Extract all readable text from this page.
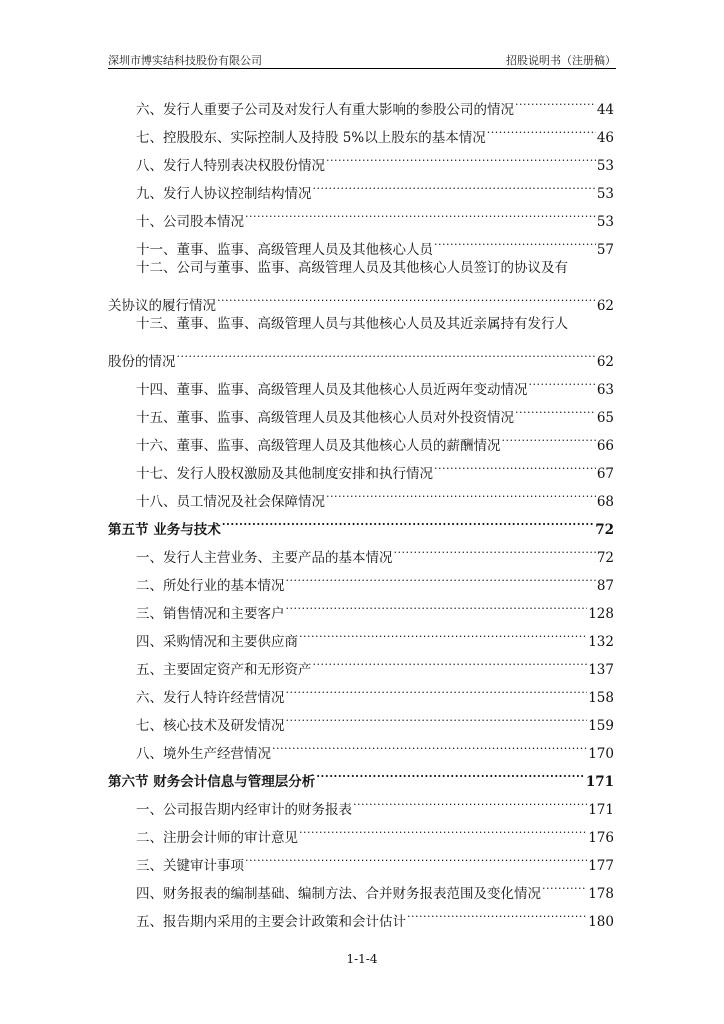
深圳市博实结科技股份有限公司	招股说明书（注册稿）
六、发行人重要子公司及对发行人有重大影响的参股公司的情况 .....	44
七、控股股东、实际控制人及持股 5%以上股东的基本情况 .....	46
八、发行人特别表决权股份情况 .....	53
九、发行人协议控制结构情况 .....	53
十、公司股本情况 .....	53
十一、董事、监事、高级管理人员及其他核心人员 .....	57
十二、公司与董事、监事、高级管理人员及其他核心人员签订的协议及有
关协议的履行情况 .....	62
十三、董事、监事、高级管理人员与其他核心人员及其近亲属持有发行人
股份的情况 .....	62
十四、董事、监事、高级管理人员及其他核心人员近两年变动情况 .....	63
十五、董事、监事、高级管理人员及其他核心人员对外投资情况 .....	65
十六、董事、监事、高级管理人员及其他核心人员的薪酬情况 .....	66
十七、发行人股权激励及其他制度安排和执行情况 .....	67
十八、员工情况及社会保障情况 .....	68
第五节 业务与技术 .....	72
一、发行人主营业务、主要产品的基本情况 .....	72
二、所处行业的基本情况 .....	87
三、销售情况和主要客户 .....	128
四、采购情况和主要供应商 .....	132
五、主要固定资产和无形资产 .....	137
六、发行人特许经营情况 .....	158
七、核心技术及研发情况 .....	159
八、境外生产经营情况 .....	170
第六节 财务会计信息与管理层分析 .....	171
一、公司报告期内经审计的财务报表 .....	171
二、注册会计师的审计意见 .....	176
三、关键审计事项 .....	177
四、财务报表的编制基础、编制方法、合并财务报表范围及变化情况 .....	178
五、报告期内采用的主要会计政策和会计估计 .....	180
1-1-4
